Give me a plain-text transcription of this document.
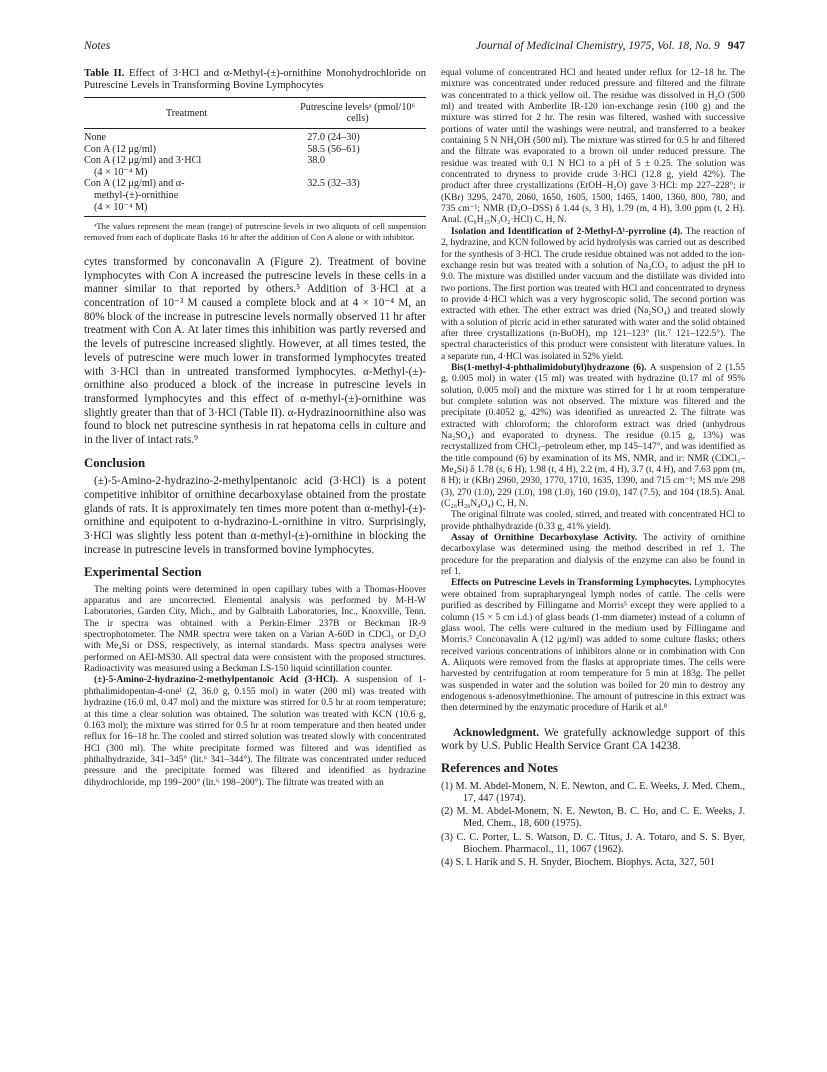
Notes	Journal of Medicinal Chemistry, 1975, Vol. 18, No. 9 947
Table II. Effect of 3·HCl and α-Methyl-(±)-ornithine Monohydrochloride on Putrescine Levels in Transforming Bovine Lymphocytes
Treatment	Putrescine levelsᵃ (pmol/10⁶ cells)
None	27.0 (24–30)
Con A (12 μg/ml)	58.5 (56–61)
Con A (12 μg/ml) and 3·HCl	38.0
(4 × 10⁻⁴ M)	
Con A (12 μg/ml) and α-	32.5 (32–33)
methyl-(±)-ornithine	
(4 × 10⁻⁴ M)	
ᵃThe values represent the mean (range) of putrescine levels in two aliquots of cell suspension removed from each of duplicate flasks 16 hr after the addition of Con A alone or with inhibitor.

cytes transformed by conconavalin A (Figure 2). Treatment of bovine lymphocytes with Con A increased the putrescine levels in these cells in a manner similar to that reported by others.⁵ Addition of 3·HCl at a concentration of 10⁻³ M caused a complete block and at 4 × 10⁻⁴ M, an 80% block of the increase in putrescine levels normally observed 11 hr after treatment with Con A. At later times this inhibition was partly reversed and the levels of putrescine increased slightly. However, at all times tested, the levels of putrescine were much lower in transformed lymphocytes treated with 3·HCl than in untreated transformed lymphocytes. α-Methyl-(±)-ornithine also produced a block of the increase in putrescine levels in transformed lymphocytes and this effect of α-methyl-(±)-ornithine was slightly greater than that of 3·HCl (Table II). α-Hydrazinoornithine also was found to block net putrescine synthesis in rat hepatoma cells in culture and in the liver of intact rats.⁹

Conclusion

(±)-5-Amino-2-hydrazino-2-methylpentanoic acid (3·HCl) is a potent competitive inhibitor of ornithine decarboxylase obtained from the prostate glands of rats. It is approximately ten times more potent than α-methyl-(±)-ornithine and equipotent to α-hydrazino-L-ornithine in vitro. Surprisingly, 3·HCl was slightly less potent than α-methyl-(±)-ornithine in blocking the increase in putrescine levels in transformed bovine lymphocytes.

Experimental Section

The melting points were determined in open capillary tubes with a Thomas-Hoover apparatus and are uncorrected. Elemental analysis was performed by M-H-W Laboratories, Garden City, Mich., and by Galbraith Laboratories, Inc., Knoxville, Tenn. The ir spectra was obtained with a Perkin-Elmer 237B or Beckman IR-9 spectrophotometer. The NMR spectra were taken on a Varian A-60D in CDCl₃ or D₂O with Me₄Si or DSS, respectively, as internal standards. Mass spectra analyses were performed on AEI-MS30. All spectral data were consistent with the proposed structures. Radioactivity was measured using a Beckman LS-150 liquid scintillation counter.

(±)-5-Amino-2-hydrazino-2-methylpentanoic Acid (3·HCl). A suspension of 1-phthalimidopentan-4-one¹ (2, 36.0 g, 0.155 mol) in water (200 ml) was treated with hydrazine (16.0 ml, 0.47 mol) and the mixture was stirred for 0.5 hr at room temperature; at this time a clear solution was obtained. The solution was treated with KCN (10.6 g, 0.163 mol); the mixture was stirred for 0.5 hr at room temperature and then heated under reflux for 16–18 hr. The cooled and stirred solution was treated slowly with concentrated HCl (300 ml). The white precipitate formed was filtered and was identified as phthalhydrazide, 341–345° (lit.⁶ 341–344°). The filtrate was concentrated under reduced pressure and the precipitate formed was filtered and identified as hydrazine dihydrochloride, mp 199–200° (lit.⁶ 198–200°). The filtrate was treated with an

equal volume of concentrated HCl and heated under reflux for 12–18 hr. The mixture was concentrated under reduced pressure and filtered and the filtrate was concentrated to a thick yellow oil. The residue was dissolved in H₂O (500 ml) and treated with Amberlite IR-120 ion-exchange resin (100 g) and the mixture was stirred for 2 hr. The resin was filtered, washed with successive portions of water until the washings were neutral, and transferred to a beaker containing 5 N NH₄OH (500 ml). The mixture was stirred for 0.5 hr and filtered and the filtrate was evaporated to a brown oil under reduced pressure. The residue was treated with 0.1 N HCl to a pH of 5 ± 0.25. The solution was concentrated to dryness to provide crude 3·HCl (12.8 g, yield 42%). The product after three crystallizations (EtOH–H₂O) gave 3·HCl: mp 227–228°; ir (KBr) 3295, 2470, 2060, 1650, 1605, 1500, 1465, 1400, 1360, 800, 780, and 735 cm⁻¹; NMR (D₂O–DSS) δ 1.44 (s, 3 H), 1.79 (m, 4 H), 3.00 ppm (t, 2 H). Anal. (C₆H₁₅N₃O₂·HCl) C, H, N.

Isolation and Identification of 2-Methyl-Δ¹-pyrroline (4). The reaction of 2, hydrazine, and KCN followed by acid hydrolysis was carried out as described for the synthesis of 3·HCl. The crude residue obtained was not added to the ion-exchange resin but was treated with a solution of Na₂CO₃ to adjust the pH to 9.0. The mixture was distilled under vacuum and the distillate was divided into two portions. The first portion was treated with HCl and concentrated to dryness to provide 4·HCl which was a very hygroscopic solid. The second portion was extracted with ether. The ether extract was dried (Na₂SO₄) and treated slowly with a solution of picric acid in ether saturated with water and the solid obtained after three crystallizations (n-BuOH), mp 121–123° (lit.⁷ 121–122.5°). The spectral characteristics of this product were consistent with literature values. In a separate run, 4·HCl was isolated in 52% yield.

Bis(1-methyl-4-phthalimidobutyl)hydrazone (6). A suspension of 2 (1.55 g, 0.005 mol) in water (15 ml) was treated with hydrazine (0.17 ml of 95% solution, 0.005 mol) and the mixture was stirred for 1 hr at room temperature but complete solution was not observed. The mixture was filtered and the precipitate (0.4052 g, 42%) was identified as unreacted 2. The filtrate was extracted with chloroform; the chloroform extract was dried (anhydrous Na₂SO₄) and evaporated to dryness. The residue (0.15 g, 13%) was recrystallized from CHCl₃–petroleum ether, mp 145–147°, and was identified as the title compound (6) by examination of its MS, NMR, and ir: NMR (CDCl₃–Me₄Si) δ 1.78 (s, 6 H), 1.98 (t, 4 H), 2.2 (m, 4 H), 3.7 (t, 4 H), and 7.63 ppm (m, 8 H); ir (KBr) 2960, 2930, 1770, 1710, 1635, 1390, and 715 cm⁻¹; MS m/e 298 (3), 270 (1.0), 229 (1.0), 198 (1.0), 160 (19.0), 147 (7.5), and 104 (18.5). Anal. (C₂₆H₂₆N₄O₄) C, H, N.

The original filtrate was cooled, stirred, and treated with concentrated HCl to provide phthalhydrazide (0.33 g, 41% yield).

Assay of Ornithine Decarboxylase Activity. The activity of ornithine decarboxylase was determined using the method described in ref 1. The procedure for the preparation and dialysis of the enzyme can also be found in ref 1.

Effects on Putrescine Levels in Transforming Lymphocytes. Lymphocytes were obtained from suprapharyngeal lymph nodes of cattle. The cells were purified as described by Fillingame and Morris⁵ except they were applied to a column (15 × 5 cm i.d.) of glass beads (1-mm diameter) instead of a column of glass wool. The cells were cultured in the medium used by Fillingame and Morris.⁵ Conconavalin A (12 μg/ml) was added to some culture flasks; others received various concentrations of inhibitors alone or in combination with Con A. Aliquots were removed from the flasks at appropriate times. The cells were harvested by centrifugation at room temperature for 5 min at 183g. The pellet was suspended in water and the solution was boiled for 20 min to destroy any endogenous s-adenosylmethionine. The amount of putrescine in this extract was then determined by the enzymatic procedure of Harik et al.⁸

Acknowledgment. We gratefully acknowledge support of this work by U.S. Public Health Service Grant CA 14238.

References and Notes
(1) M. M. Abdel-Monem, N. E. Newton, and C. E. Weeks, J. Med. Chem., 17, 447 (1974).
(2) M. M. Abdel-Monem, N. E. Newton, B. C. Ho, and C. E. Weeks, J. Med. Chem., 18, 600 (1975).
(3) C. C. Porter, L. S. Watson, D. C. Titus, J. A. Totaro, and S. S. Byer, Biochem. Pharmacol., 11, 1067 (1962).
(4) S. I. Harik and S. H. Snyder, Biochem. Biophys. Acta, 327, 501
